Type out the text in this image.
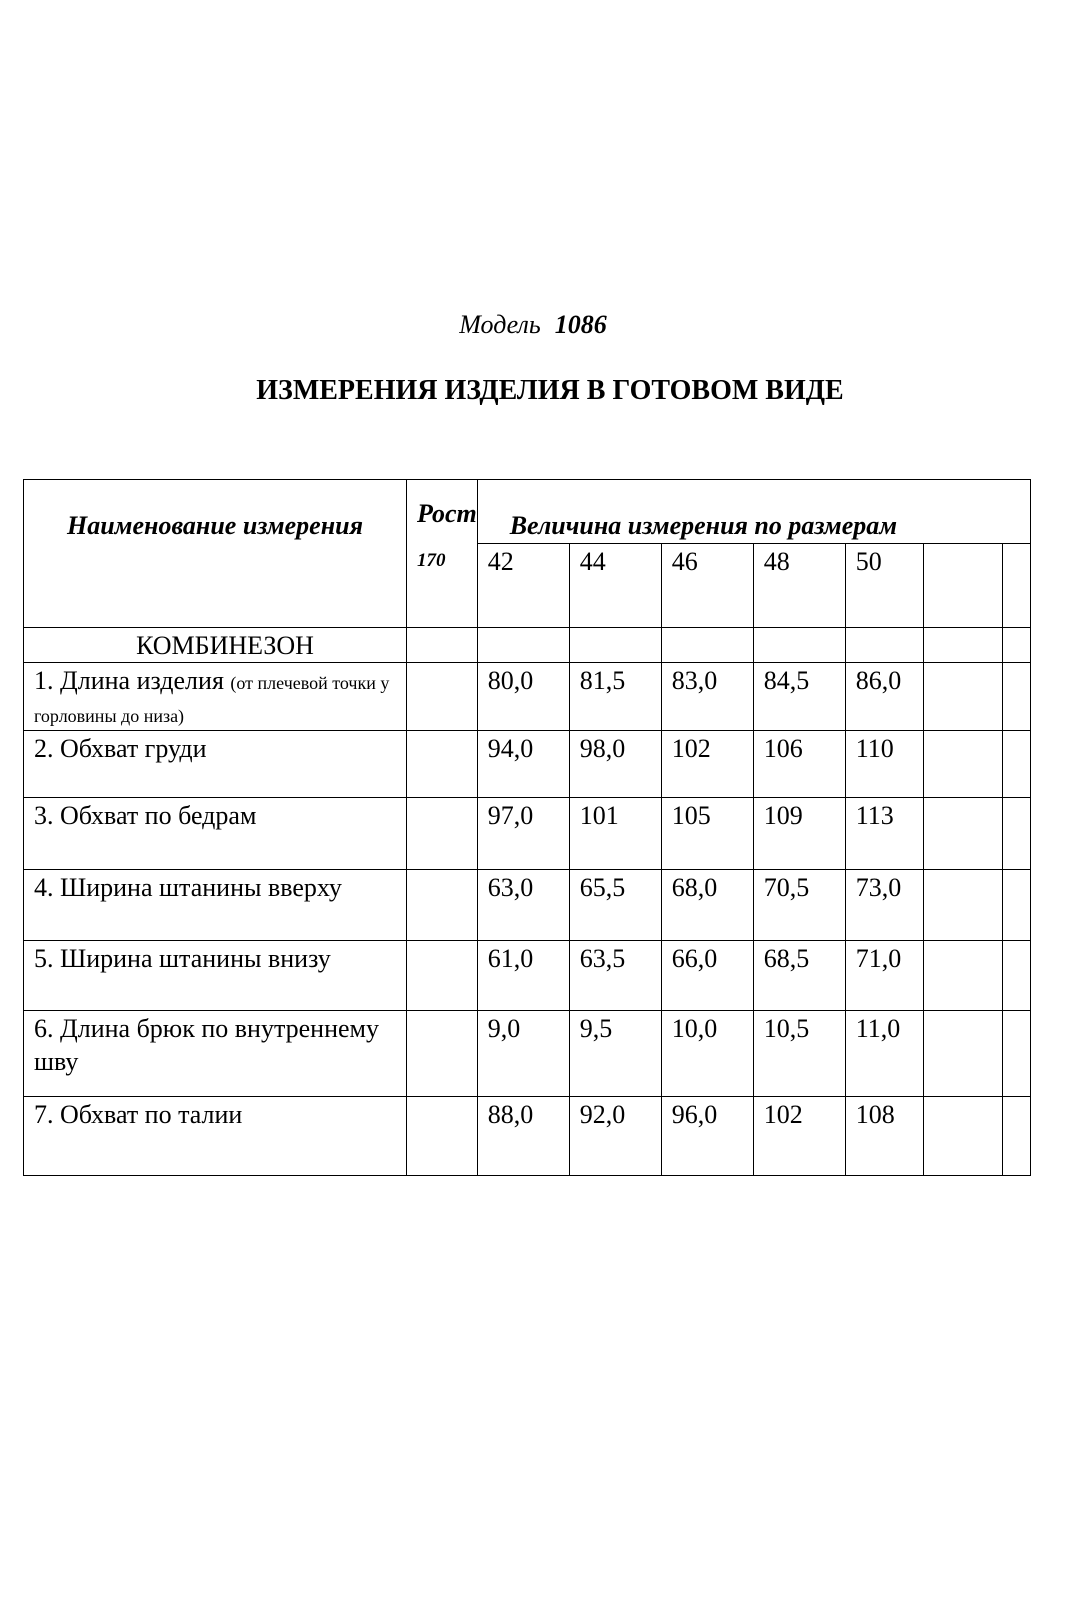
Модель 1086
ИЗМЕРЕНИЯ ИЗДЕЛИЯ В ГОТОВОМ ВИДЕ
Наименование измерения	Рост
170	Величина измерения по размерам						
		42	44	46	48	50		
КОМБИНЕЗОН								
1. Длина изделия (от плечевой точки у горловины до низа)		80,0	81,5	83,0	84,5	86,0		
2. Обхват груди		94,0	98,0	102	106	110		
3. Обхват по бедрам		97,0	101	105	109	113		
4. Ширина штанины вверху		63,0	65,5	68,0	70,5	73,0		
5. Ширина штанины внизу		61,0	63,5	66,0	68,5	71,0		
6. Длина брюк по внутреннему шву		9,0	9,5	10,0	10,5	11,0		
7. Обхват по талии		88,0	92,0	96,0	102	108		
